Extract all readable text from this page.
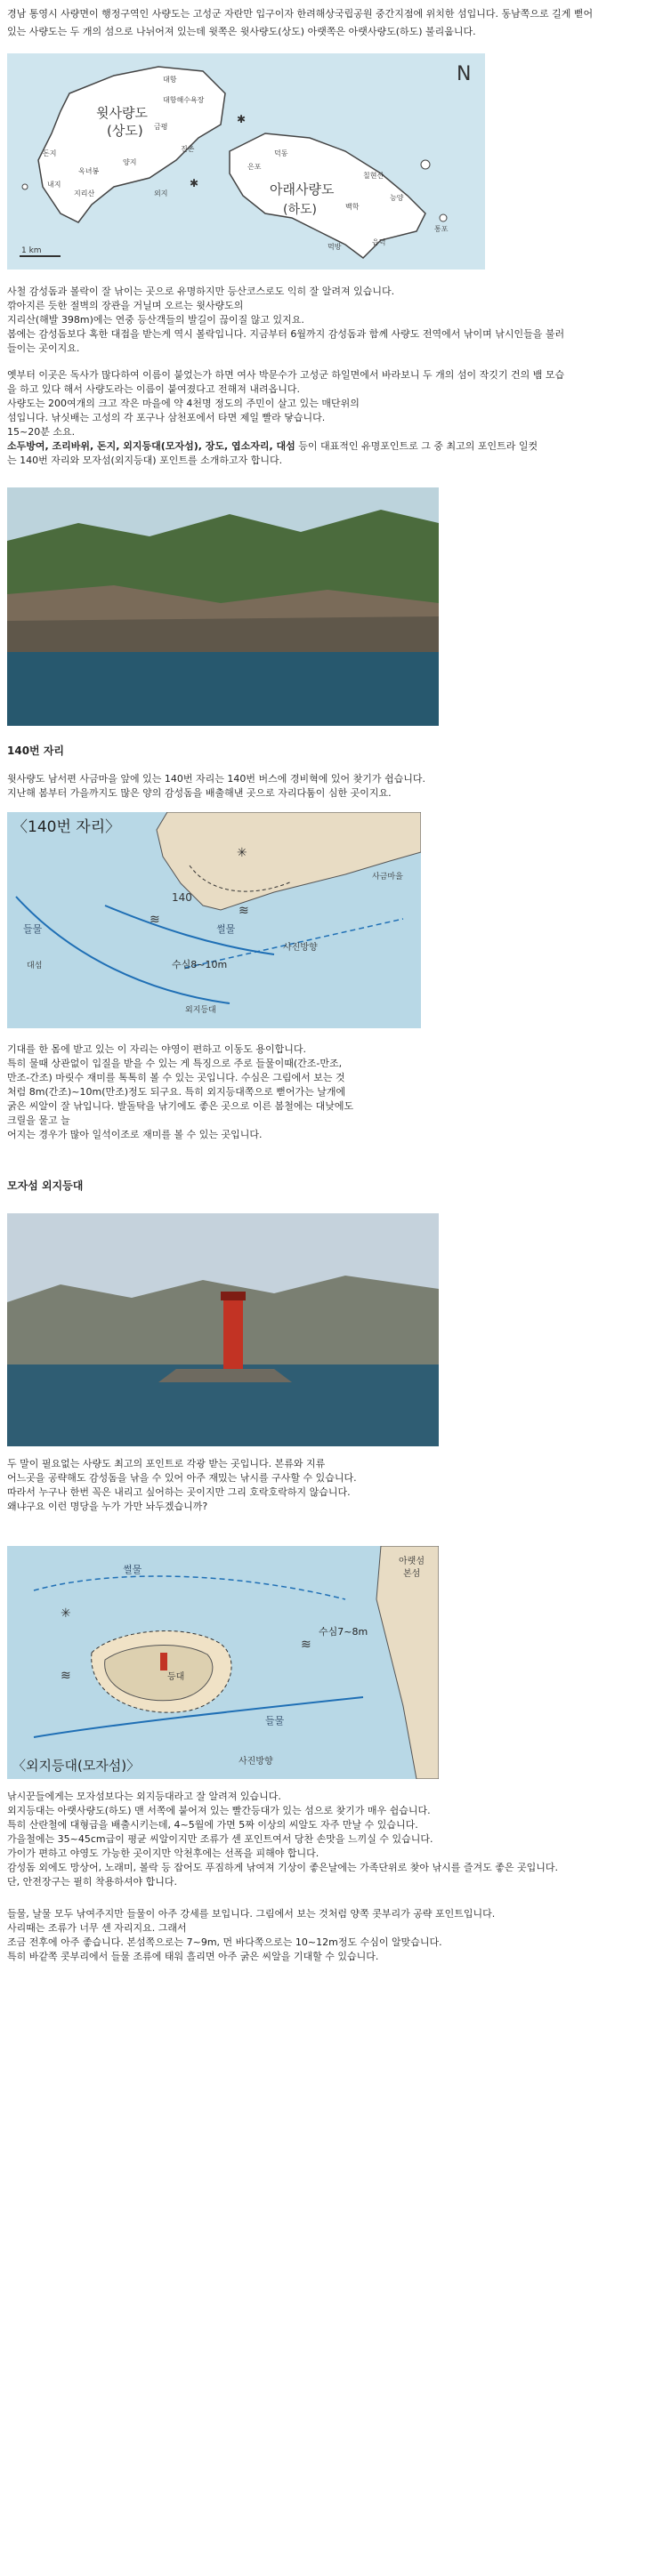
경남 통영시 사량면이 행정구역인 사량도는 고성군 자란만 입구이자 한려해상국립공원 중간지점에 위치한 섬입니다. 동남쪽으로 길게 뻗어
있는 사량도는 두 개의 섬으로 나뉘어져 있는데 윗쪽은 윗사량도(상도) 아랫쪽은 아랫사량도(하도) 불리웁니다.
N
1 km
윗사량도
(상도)
아래사량도
(하도)
대항
대항해수욕장
돈지
내지
금평
진촌
은포
덕동
외지
백학
능양
읍덕
칠현산
옥녀봉
지리산
양지
통포
먹방
✱
✱
사철 감성돔과 볼락이 잘 낚이는 곳으로 유명하지만 등산코스로도 익히 잘 알려져 있습니다.
깎아지른 듯한 절벽의 장관을 거닐며 오르는 윗사량도의
지리산(해발 398m)에는 연중 등산객들의 발길이 끊이질 않고 있지요.
봄에는 감성돔보다 혹한 대접을 받는게 역시 볼락입니다. 지금부터 6월까지 감성돔과 함께 사량도 전역에서 낚이며 낚시인들을 불러
들이는 곳이지요.
옛부터 이곳은 독사가 많다하여 이름이 붙었는가 하면 여사 박문수가 고성군 하일면에서 바라보니 두 개의 섬이 작깃기 건의 뱀 모습
을 하고 있다 해서 사량도라는 이름이 붙여졌다고 전해져 내려옵니다.
사량도는 200여개의 크고 작은 마을에 약 4천명 정도의 주민이 살고 있는 매단위의
섬입니다. 낚싯배는 고성의 각 포구나 삼천포에서 타면 제일 빨라 닿습니다.
15~20분 소요.
소두방여, 조리바위, 돈지, 외지등대(모자섬), 장도, 엽소자리, 대섬 등이 대표적인 유명포인트로 그 중 최고의 포인트라 일컷
는 140번 자리와 모자섬(외지등대) 포인트를 소개하고자 합니다.
140번 자리
윗사량도 남서편 사금마을 앞에 있는 140번 자리는 140번 버스에 경비혁에 있어 찾기가 쉽습니다.
지난해 봄부터 가을까지도 많은 양의 감성돔을 배출해낸 곳으로 자리다툼이 심한 곳이지요.
〈140번 자리〉
사금마을
140
들물	썰물
대섬	수심8~10m
사진방향
외지등대
≋
≋
✳
기대를 한 몸에 받고 있는 이 자리는 야영이 편하고 이동도 용이합니다.
특히 물때 상관없이 입질을 받을 수 있는 게 특징으로 주로 들물이때(간조-만조,
만조-간조) 마릿수 재미를 톡톡히 볼 수 있는 곳입니다. 수심은 그림에서 보는 것
처럼 8m(간조)~10m(만조)정도 되구요. 특히 외지등대쪽으로 뻗어가는 날개에
굵은 씨알이 잘 낚입니다. 발돌탁을 낚기에도 좋은 곳으로 이른 봄철에는 대낮에도
크릴을 물고 늘
어지는 경우가 많아 일석이조로 재미를 볼 수 있는 곳입니다.
모자섬 외지등대
두 말이 필요없는 사량도 최고의 포인트로 각광 받는 곳입니다. 본류와 지류
어느곳을 공략해도 감성돔을 낚을 수 있어 아주 재밌는 낚시를 구사할 수 있습니다.
따라서 누구나 한번 꼭은 내리고 싶어하는 곳이지만 그리 호락호락하지 않습니다.
왜냐구요 이런 명당을 누가 가만 놔두겠습니까?
〈외지등대(모자섬)〉
아랫섬
본섬
썰물
들물
등대
수심7~8m
사진방향
✳
≋
≋
낚시꾼들에게는 모자섬보다는 외지등대라고 잘 알려져 있습니다.
외지등대는 아랫사량도(하도) 맨 서쪽에 붙어져 있는 빨간등대가 있는 섬으로 찾기가 매우 쉽습니다.
특히 산란철에 대형급을 배출시키는데, 4~5월에 가면 5짜 이상의 씨알도 자주 만날 수 있습니다.
가을철에는 35~45cm급이 평균 씨알이지만 조류가 센 포인트여서 당찬 손맛을 느끼실 수 있습니다.
가이가 편하고 야영도 가능한 곳이지만 악천후에는 선폭을 피해야 합니다.
감성돔 외에도 망상어, 노래미, 볼락 등 잡어도 푸짐하게 낚여져 기상이 좋은날에는 가족단위로 찾아 낚시를 즐겨도 좋은 곳입니다.
단, 안전장구는 필히 착용하셔야 합니다.
들물, 날물 모두 낚여주지만 들물이 아주 강세를 보입니다. 그림에서 보는 것처럼 양쪽 콧부리가 공략 포인트입니다.
사리때는 조류가 너무 센 자리지요. 그래서
조금 전후에 아주 좋습니다. 본섬쪽으로는 7~9m, 먼 바다쪽으로는 10~12m정도 수심이 알맞습니다.
특히 바같쪽 콧부리에서 들물 조류에 태워 흘리면 아주 굵은 씨알을 기대할 수 있습니다.
